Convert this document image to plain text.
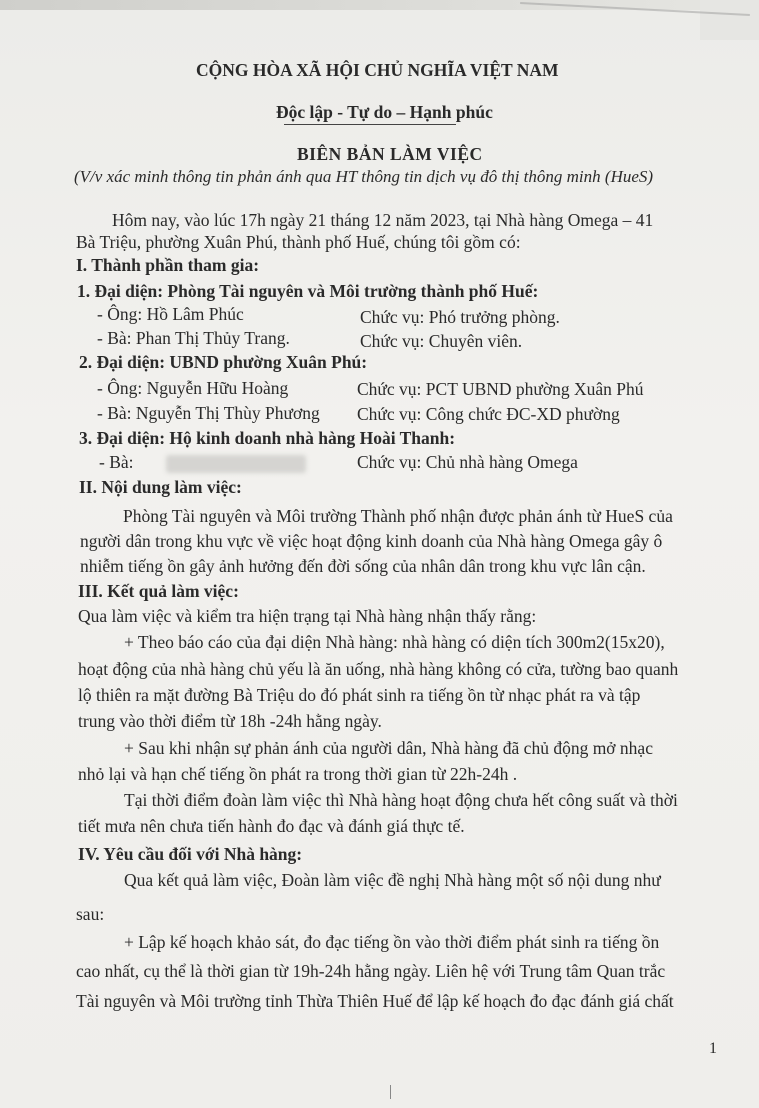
CỘNG HÒA XÃ HỘI CHỦ NGHĨA VIỆT NAM
Độc lập - Tự do – Hạnh phúc
BIÊN BẢN LÀM VIỆC
(V/v xác minh thông tin phản ánh qua HT thông tin dịch vụ đô thị thông minh (HueS)
Hôm nay, vào lúc 17h ngày 21 tháng 12 năm 2023, tại Nhà hàng Omega – 41
Bà Triệu, phường Xuân Phú, thành phố Huế, chúng tôi gồm có:
I. Thành phần tham gia:
1. Đại diện: Phòng Tài nguyên và Môi trường thành phố Huế:
- Ông: Hồ Lâm Phúc	Chức vụ: Phó trưởng phòng.
- Bà: Phan Thị Thủy Trang.	Chức vụ: Chuyên viên.
2. Đại diện: UBND phường Xuân Phú:
- Ông: Nguyễn Hữu Hoàng	Chức vụ: PCT UBND phường Xuân Phú
- Bà: Nguyễn Thị Thùy Phương Chức vụ: Công chức ĐC-XD phường
3. Đại diện: Hộ kinh doanh nhà hàng Hoài Thanh:
- Bà:	Chức vụ: Chủ nhà hàng Omega
II. Nội dung làm việc:
Phòng Tài nguyên và Môi trường Thành phố nhận được phản ánh từ HueS của
người dân trong khu vực về việc hoạt động kinh doanh của Nhà hàng Omega gây ô
nhiễm tiếng ồn gây ảnh hưởng đến đời sống của nhân dân trong khu vực lân cận.
III. Kết quả làm việc:
Qua làm việc và kiểm tra hiện trạng tại Nhà hàng nhận thấy rằng:
+ Theo báo cáo của đại diện Nhà hàng: nhà hàng có diện tích 300m2(15x20),
hoạt động của nhà hàng chủ yếu là ăn uống, nhà hàng không có cửa, tường bao quanh
lộ thiên ra mặt đường Bà Triệu do đó phát sinh ra tiếng ồn từ nhạc phát ra và tập
trung vào thời điểm từ 18h -24h hằng ngày.
+ Sau khi nhận sự phản ánh của người dân, Nhà hàng đã chủ động mở nhạc
nhỏ lại và hạn chế tiếng ồn phát ra trong thời gian từ 22h-24h .
Tại thời điểm đoàn làm việc thì Nhà hàng hoạt động chưa hết công suất và thời
tiết mưa nên chưa tiến hành đo đạc và đánh giá thực tế.
IV. Yêu cầu đối với Nhà hàng:
Qua kết quả làm việc, Đoàn làm việc đề nghị Nhà hàng một số nội dung như
sau:
+ Lập kế hoạch khảo sát, đo đạc tiếng ồn vào thời điểm phát sinh ra tiếng ồn
cao nhất, cụ thể là thời gian từ 19h-24h hằng ngày. Liên hệ với Trung tâm Quan trắc
Tài nguyên và Môi trường tỉnh Thừa Thiên Huế để lập kế hoạch đo đạc đánh giá chất
1
